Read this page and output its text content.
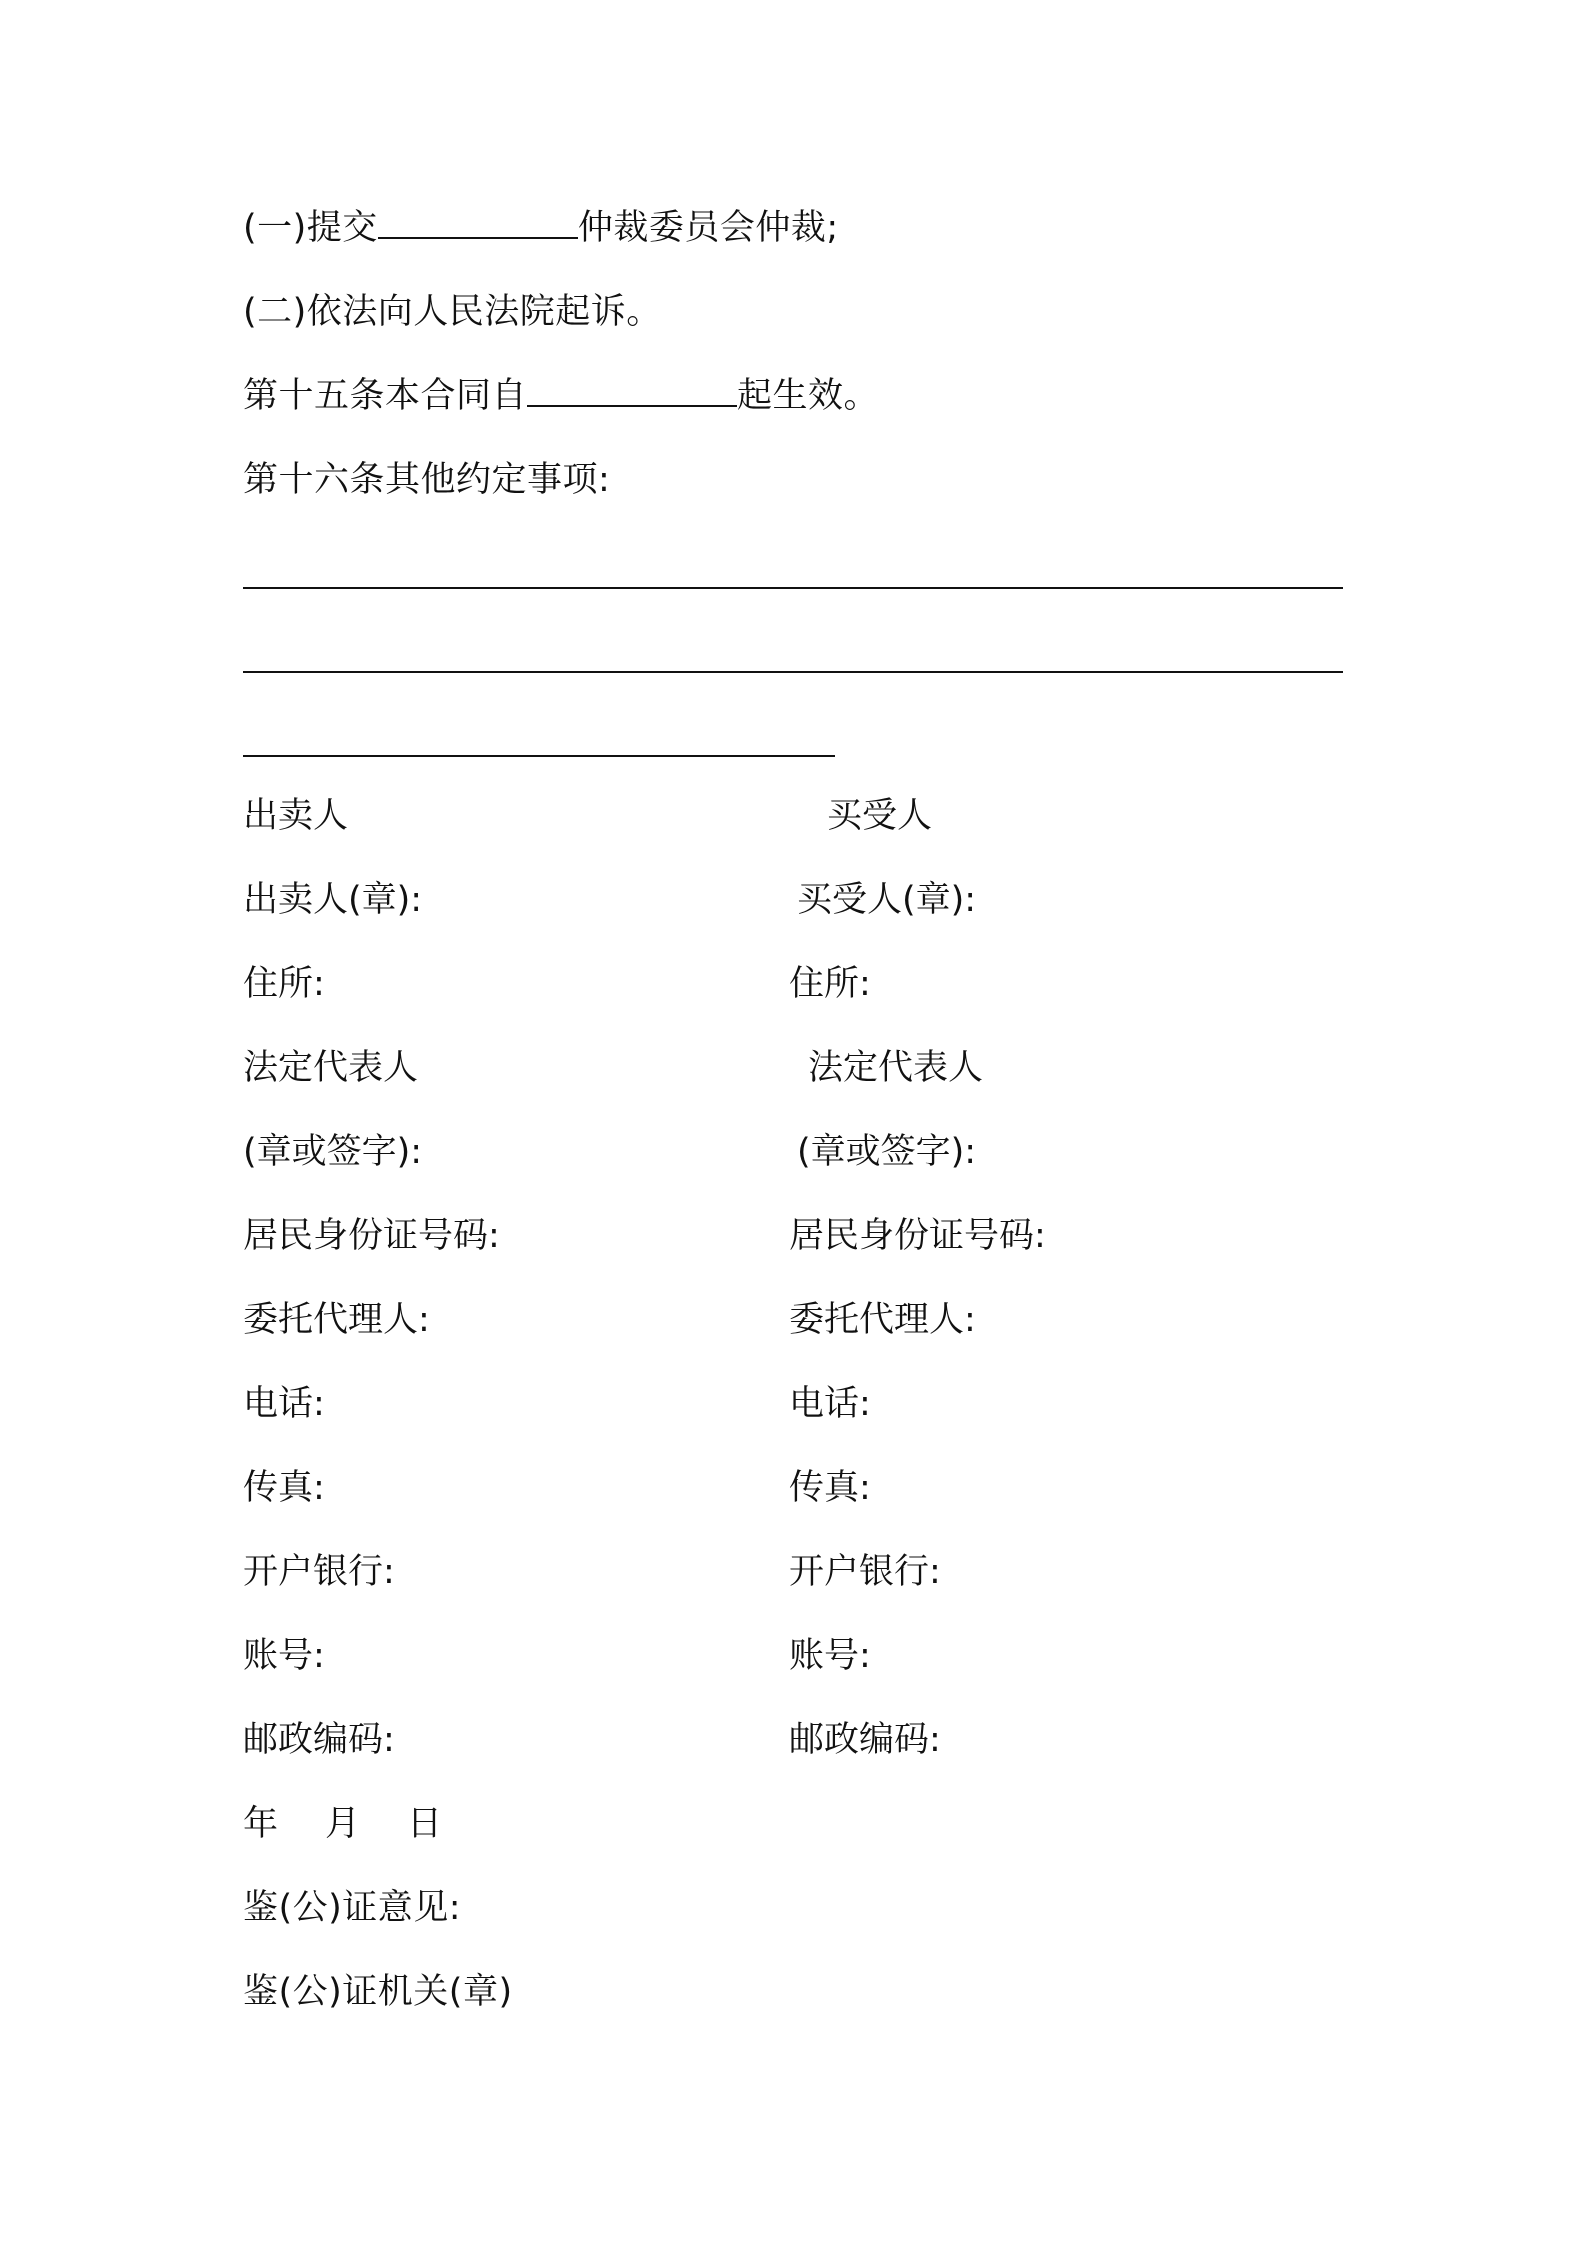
(一)提交	仲裁委员会仲裁;
(二)依法向人民法院起诉。
第十五条本合同自	起生效。
第十六条其他约定事项:
出卖人	买受人
出卖人(章):	买受人(章):
住所:	住所:
法定代表人	法定代表人
(章或签字):	(章或签字):
居民身份证号码:	居民身份证号码:
委托代理人:	委托代理人:
电话:	电话:
传真:	传真:
开户银行:	开户银行:
账号:	账号:
邮政编码:	邮政编码:
年    月    日
鉴(公)证意见:
鉴(公)证机关(章)
